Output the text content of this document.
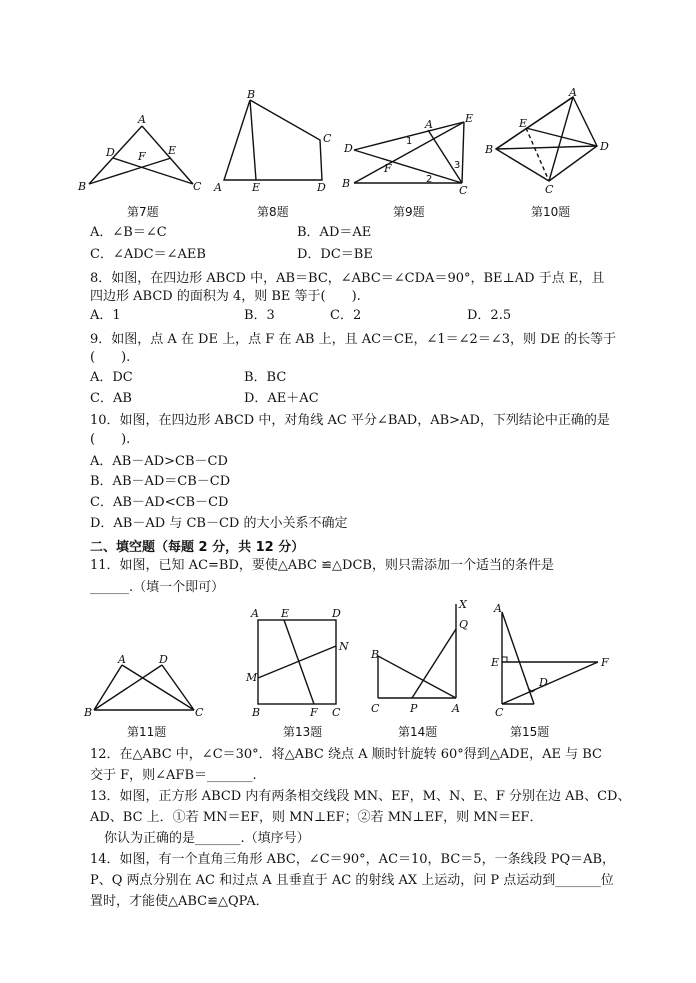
A
B	C
D	E
F
第7题
B
C
D
E
A
第8题
B
C
D
E
A
F
1
2
3
第9题
A
B
C
D
E
第10题
A	D
B	C
第11题
A E	D
N
M
B	F C
第13题
X
Q
B
C	P	A
第14题
A
E	F
D
C
第15题
A．∠B＝∠C	B．AD＝AE
C．∠ADC＝∠AEB	D．DC＝BE
8．如图，在四边形 ABCD 中，AB＝BC，∠ABC＝∠CDA＝90°，BE⊥AD 于点 E，且
四边形 ABCD 的面积为 4，则 BE 等于(　　).
A．1	B．3	C．2	D．2.5
9．如图，点 A 在 DE 上，点 F 在 AB 上，且 AC＝CE，∠1＝∠2＝∠3，则 DE 的长等于
(　　).
A．DC	B．BC
C．AB	D．AE＋AC
10．如图，在四边形 ABCD 中，对角线 AC 平分∠BAD，AB>AD，下列结论中正确的是
(　　).
A．AB－AD>CB－CD
B．AB－AD＝CB－CD
C．AB－AD<CB－CD
D．AB－AD 与 CB－CD 的大小关系不确定
二、填空题（每题 2 分，共 12 分）
11．如图，已知 AC=BD，要使△ABC ≌△DCB，则只需添加一个适当的条件是
______.（填一个即可）
12．在△ABC 中，∠C＝30°．将△ABC 绕点 A 顺时针旋转 60°得到△ADE，AE 与 BC
交于 F，则∠AFB＝_______.
13．如图，正方形 ABCD 内有两条相交线段 MN、EF，M、N、E、F 分别在边 AB、CD、
AD、BC 上．①若 MN＝EF，则 MN⊥EF；②若 MN⊥EF，则 MN＝EF．
你认为正确的是_______.（填序号）
14．如图，有一个直角三角形 ABC，∠C＝90°，AC＝10，BC＝5，一条线段 PQ＝AB，
P、Q 两点分别在 AC 和过点 A 且垂直于 AC 的射线 AX 上运动，问 P 点运动到_______位
置时，才能使△ABC≌△QPA．
